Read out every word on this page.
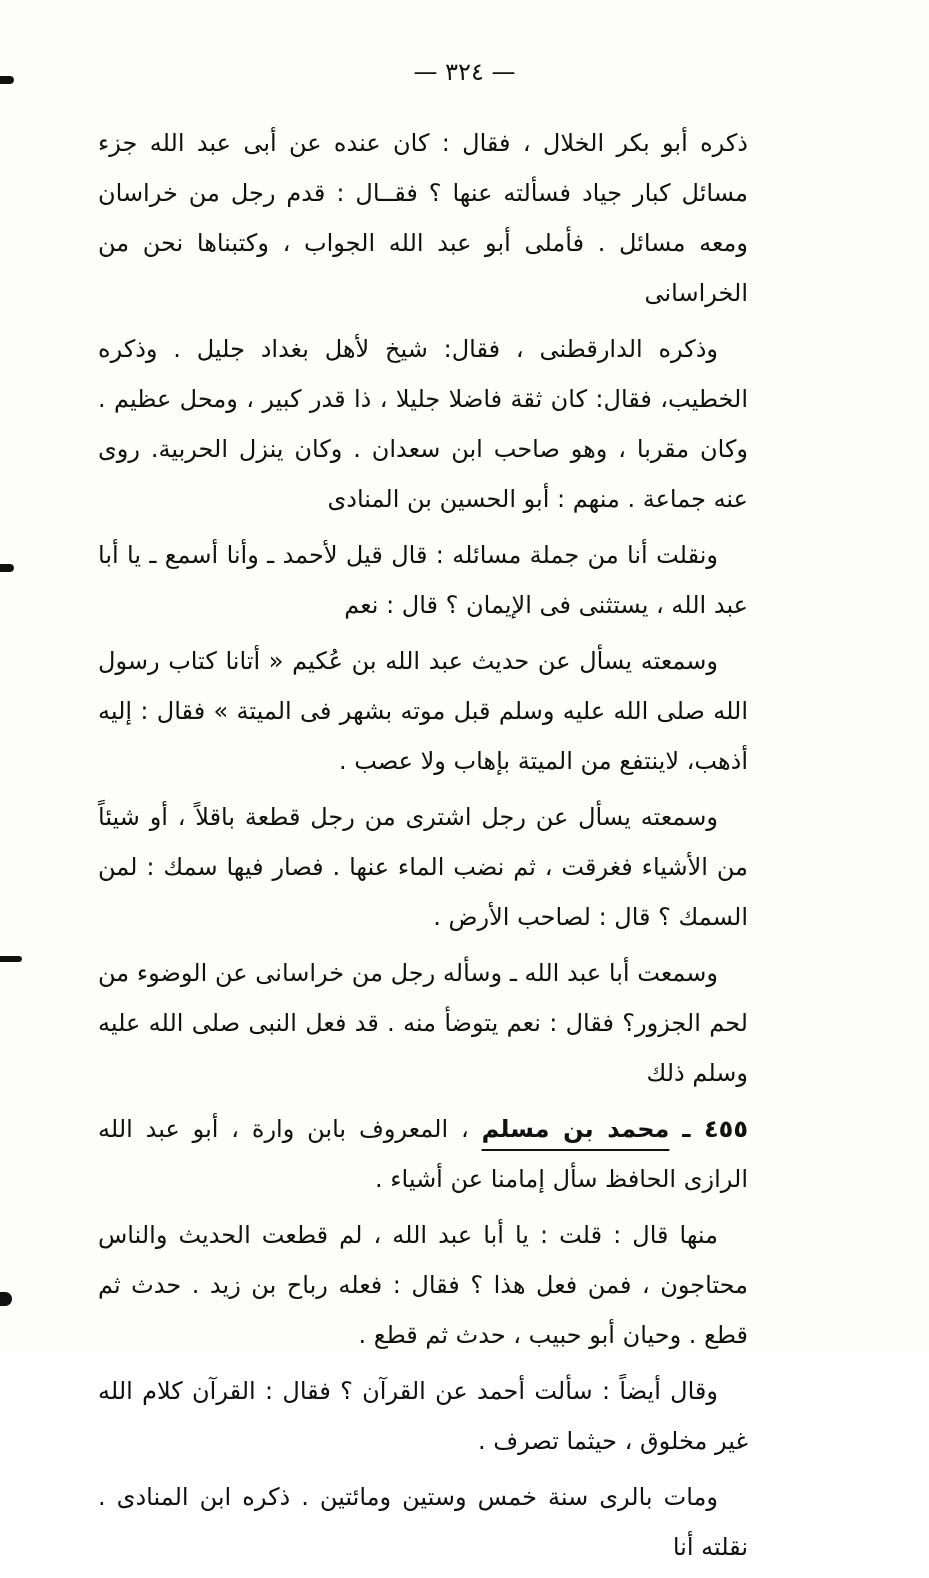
— ٣٢٤ —

ذكره أبو بكر الخلال ، فقال : كان عنده عن أبى عبد الله جزء مسائل كبار جياد فسألته عنها ؟ فقــال : قدم رجل من خراسان ومعه مسائل . فأملى أبو عبد الله الجواب ، وكتبناها نحن من الخراسانى

وذكره الدارقطنى ، فقال: شيخ لأهل بغداد جليل . وذكره الخطيب، فقال: كان ثقة فاضلا جليلا ، ذا قدر كبير ، ومحل عظيم . وكان مقربا ، وهو صاحب ابن سعدان . وكان ينزل الحربية. روى عنه جماعة . منهم : أبو الحسين بن المنادى

ونقلت أنا من جملة مسائله : قال قيل لأحمد ـ وأنا أسمع ـ يا أبا عبد الله ، يستثنى فى الإيمان ؟ قال : نعم

وسمعته يسأل عن حديث عبد الله بن عُكيم « أتانا كتاب رسول الله صلى الله عليه وسلم قبل موته بشهر فى الميتة » فقال : إليه أذهب، لاينتفع من الميتة بإهاب ولا عصب .

وسمعته يسأل عن رجل اشترى من رجل قطعة باقلاً ، أو شيئاً من الأشياء فغرقت ، ثم نضب الماء عنها . فصار فيها سمك : لمن السمك ؟ قال : لصاحب الأرض .

وسمعت أبا عبد الله ـ وسأله رجل من خراسانى عن الوضوء من لحم الجزور؟ فقال : نعم يتوضأ منه . قد فعل النبى صلى الله عليه وسلم ذلك

٤٥٥ ـ محمد بن مسلم ، المعروف بابن وارة ، أبو عبد الله الرازى الحافظ سأل إمامنا عن أشياء .

منها قال : قلت : يا أبا عبد الله ، لم قطعت الحديث والناس محتاجون ، فمن فعل هذا ؟ فقال : فعله رباح بن زيد . حدث ثم قطع . وحيان أبو حبيب ، حدث ثم قطع .

وقال أيضاً : سألت أحمد عن القرآن ؟ فقال : القرآن كلام الله غير مخلوق ، حيثما تصرف .

ومات بالرى سنة خمس وستين ومائتين . ذكره ابن المنادى . نقلته أنا
